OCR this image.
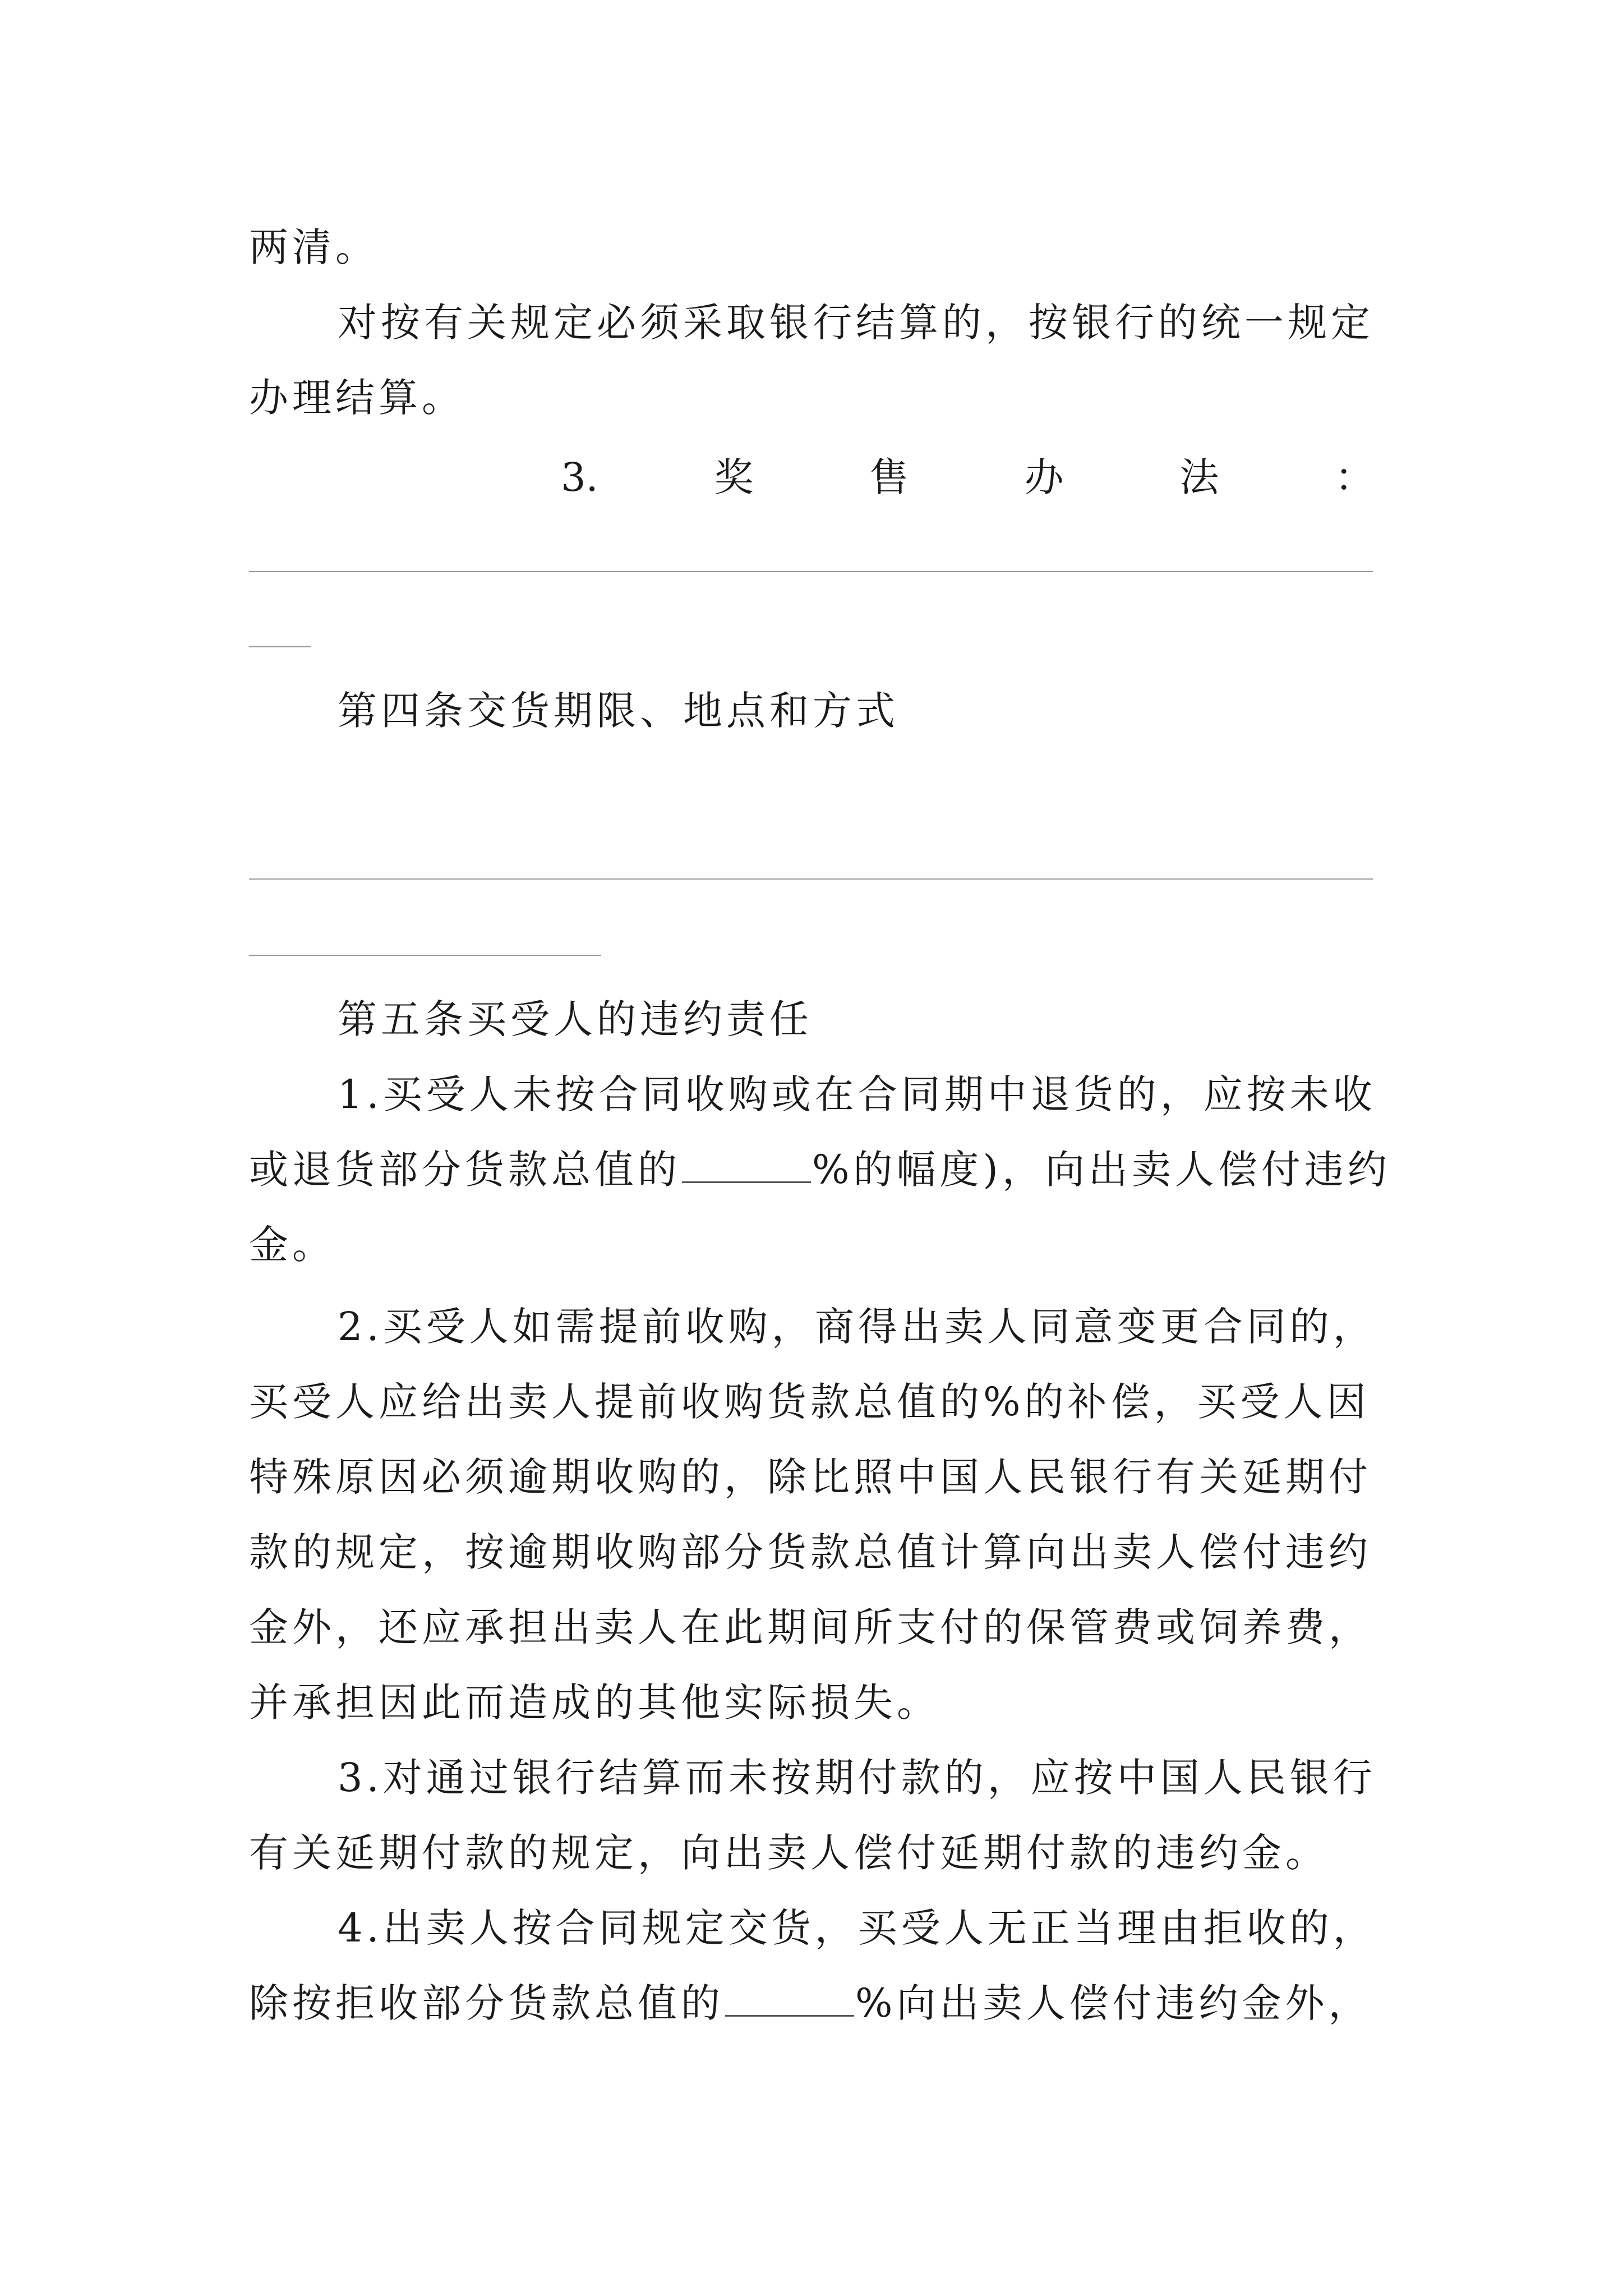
两清。
对按有关规定必须采取银行结算的，按银行的统一规定
办理结算。
3.	奖	售	办	法	：
第四条交货期限、地点和方式
第五条买受人的违约责任
1.买受人未按合同收购或在合同期中退货的，应按未收
或退货部分货款总值的	%的幅度)，向出卖人偿付违约
金。
2.买受人如需提前收购，商得出卖人同意变更合同的，
买受人应给出卖人提前收购货款总值的%的补偿，买受人因
特殊原因必须逾期收购的，除比照中国人民银行有关延期付
款的规定，按逾期收购部分货款总值计算向出卖人偿付违约
金外，还应承担出卖人在此期间所支付的保管费或饲养费，
并承担因此而造成的其他实际损失。
3.对通过银行结算而未按期付款的，应按中国人民银行
有关延期付款的规定，向出卖人偿付延期付款的违约金。
4.出卖人按合同规定交货，买受人无正当理由拒收的，
除按拒收部分货款总值的	%向出卖人偿付违约金外，
